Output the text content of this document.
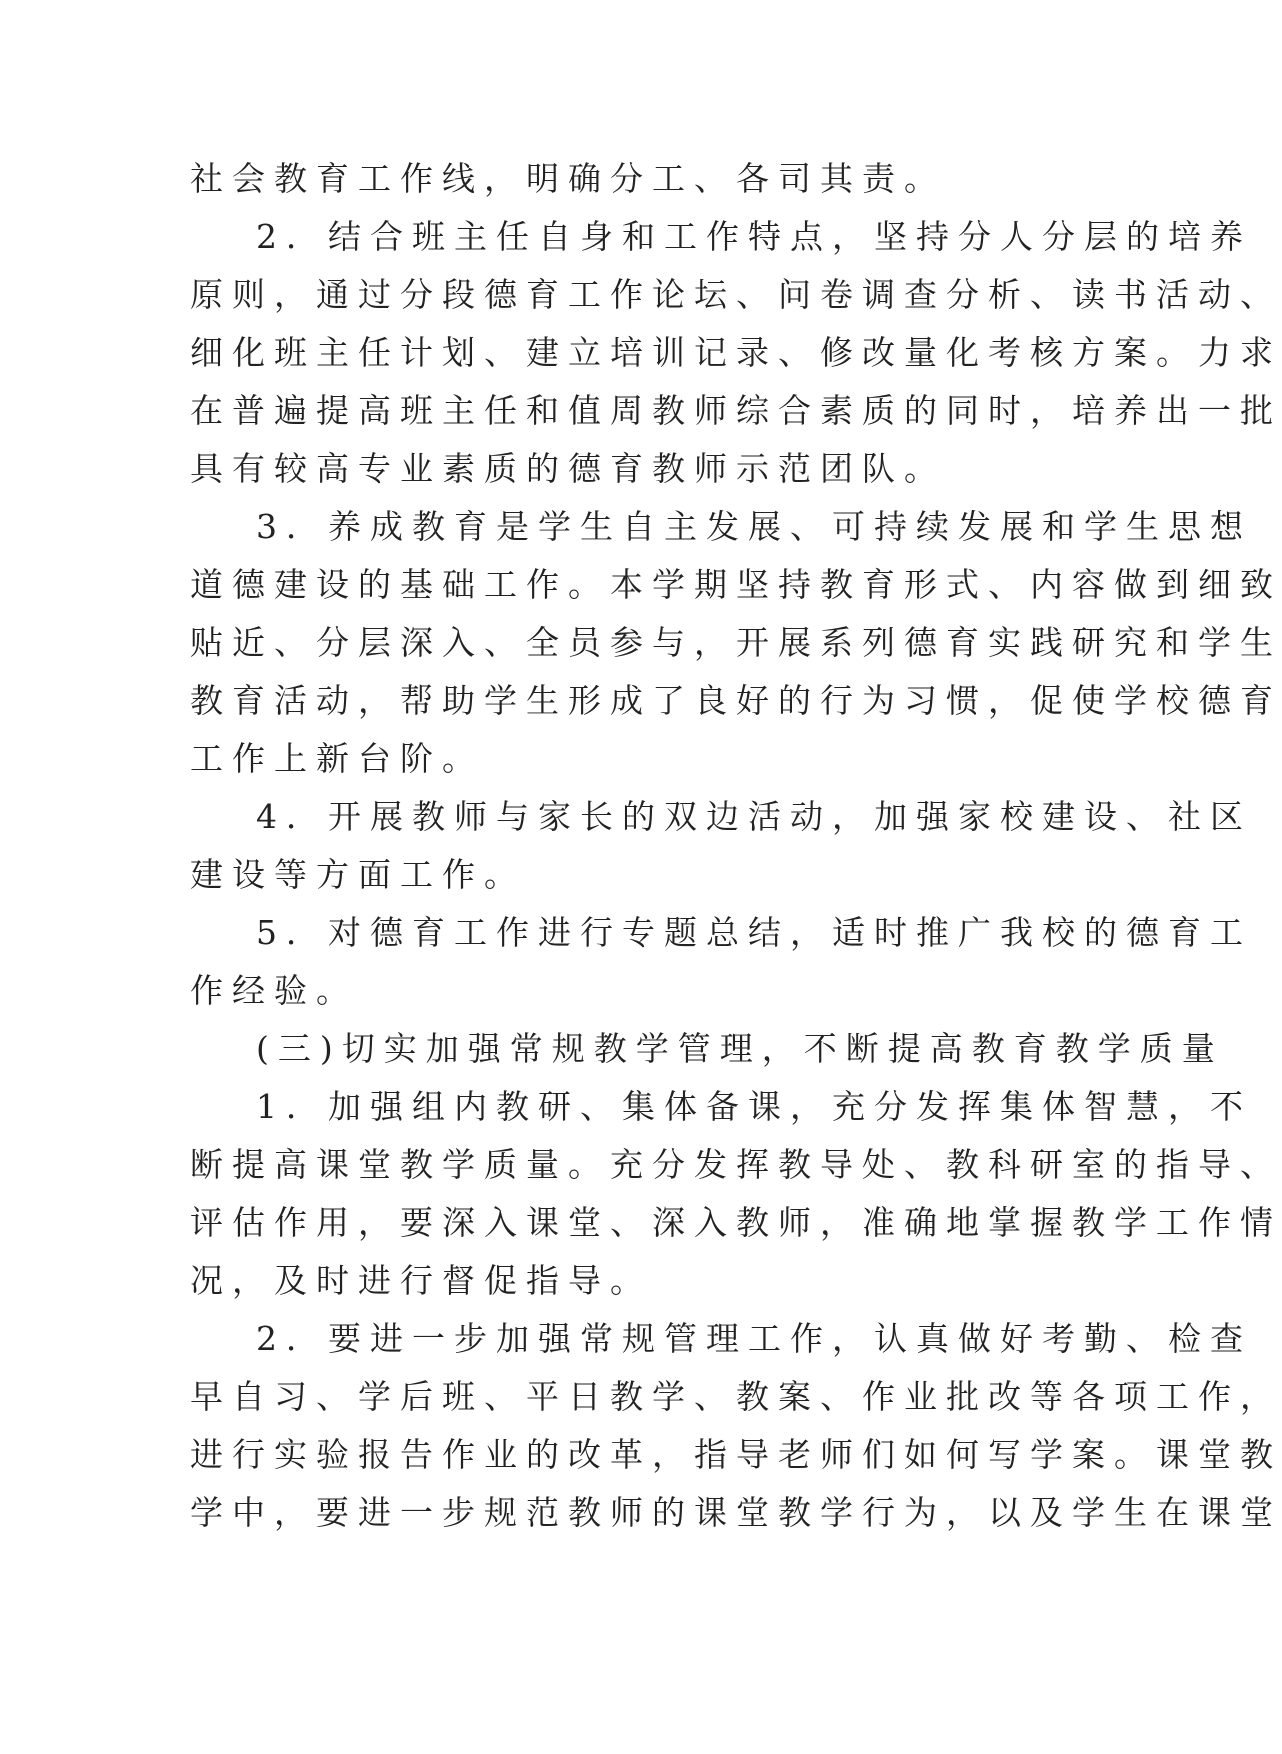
社会教育工作线，明确分工、各司其责。
2．结合班主任自身和工作特点，坚持分人分层的培养
原则，通过分段德育工作论坛、问卷调查分析、读书活动、
细化班主任计划、建立培训记录、修改量化考核方案。力求
在普遍提高班主任和值周教师综合素质的同时，培养出一批
具有较高专业素质的德育教师示范团队。
3．养成教育是学生自主发展、可持续发展和学生思想
道德建设的基础工作。本学期坚持教育形式、内容做到细致
贴近、分层深入、全员参与，开展系列德育实践研究和学生
教育活动，帮助学生形成了良好的行为习惯，促使学校德育
工作上新台阶。
4．开展教师与家长的双边活动，加强家校建设、社区
建设等方面工作。
5．对德育工作进行专题总结，适时推广我校的德育工
作经验。
(三)切实加强常规教学管理，不断提高教育教学质量
1．加强组内教研、集体备课，充分发挥集体智慧，不
断提高课堂教学质量。充分发挥教导处、教科研室的指导、
评估作用，要深入课堂、深入教师，准确地掌握教学工作情
况，及时进行督促指导。
2．要进一步加强常规管理工作，认真做好考勤、检查
早自习、学后班、平日教学、教案、作业批改等各项工作，
进行实验报告作业的改革，指导老师们如何写学案。课堂教
学中，要进一步规范教师的课堂教学行为，以及学生在课堂
